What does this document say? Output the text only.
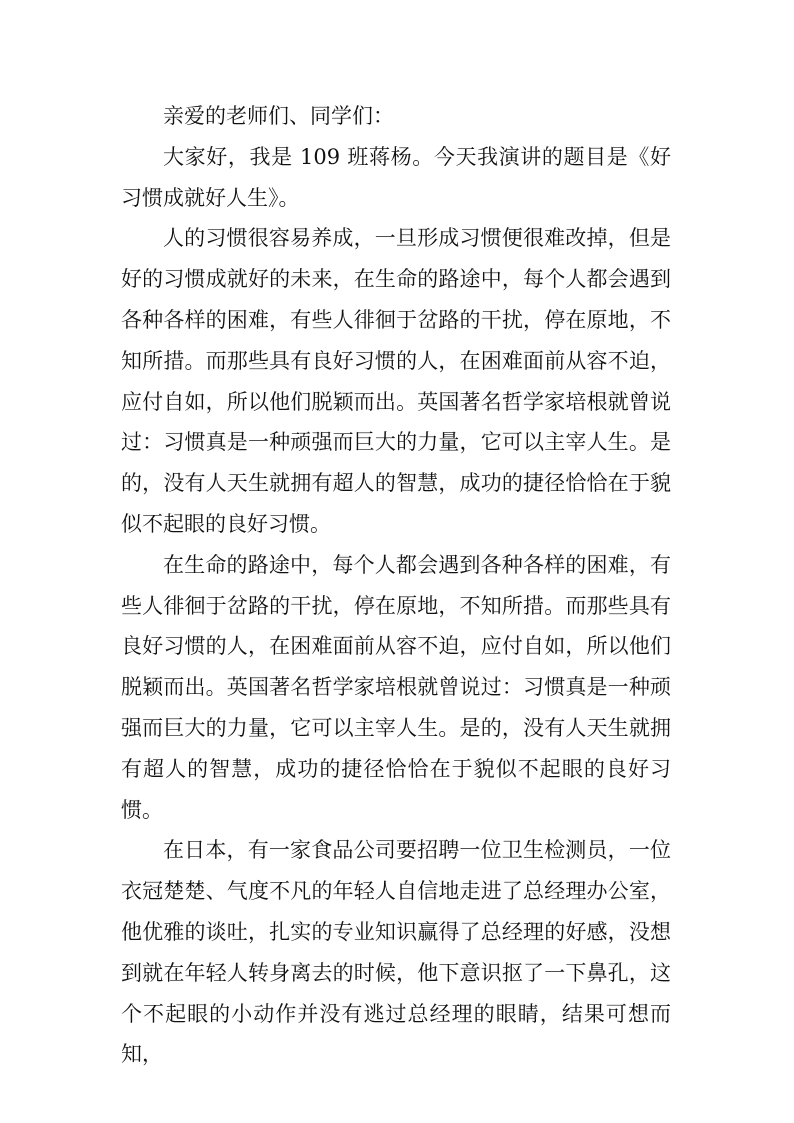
亲爱的老师们、同学们：

大家好，我是 109 班蒋杨。今天我演讲的题目是《好习惯成就好人生》。

人的习惯很容易养成，一旦形成习惯便很难改掉，但是好的习惯成就好的未来，在生命的路途中，每个人都会遇到各种各样的困难，有些人徘徊于岔路的干扰，停在原地，不知所措。而那些具有良好习惯的人，在困难面前从容不迫，应付自如，所以他们脱颖而出。英国著名哲学家培根就曾说过：习惯真是一种顽强而巨大的力量，它可以主宰人生。是的，没有人天生就拥有超人的智慧，成功的捷径恰恰在于貌似不起眼的良好习惯。

在生命的路途中，每个人都会遇到各种各样的困难，有些人徘徊于岔路的干扰，停在原地，不知所措。而那些具有良好习惯的人，在困难面前从容不迫，应付自如，所以他们脱颖而出。英国著名哲学家培根就曾说过：习惯真是一种顽强而巨大的力量，它可以主宰人生。是的，没有人天生就拥有超人的智慧，成功的捷径恰恰在于貌似不起眼的良好习惯。

在日本，有一家食品公司要招聘一位卫生检测员，一位衣冠楚楚、气度不凡的年轻人自信地走进了总经理办公室，他优雅的谈吐，扎实的专业知识赢得了总经理的好感，没想到就在年轻人转身离去的时候，他下意识抠了一下鼻孔，这个不起眼的小动作并没有逃过总经理的眼睛，结果可想而知，
